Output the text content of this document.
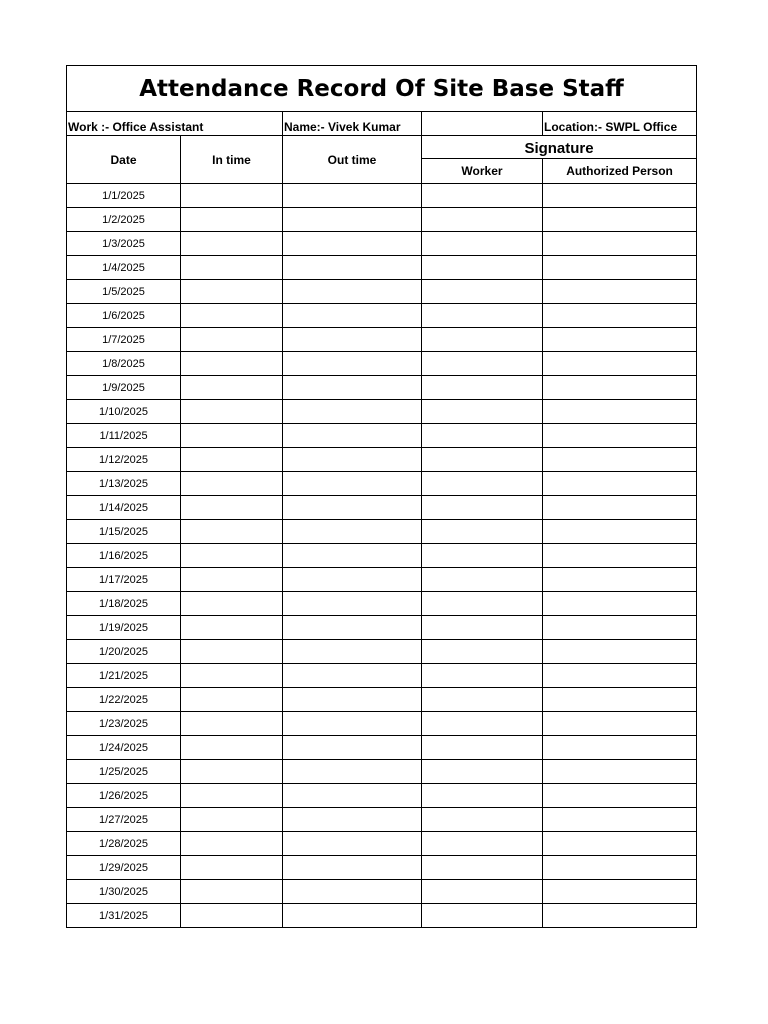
Attendance Record Of Site Base Staff				
Work :- Office Assistant		Name:- Vivek Kumar		Location:- SWPL Office
Date	In time	Out time	Signature	
			Worker	Authorized Person
1/1/2025				
1/2/2025				
1/3/2025				
1/4/2025				
1/5/2025				
1/6/2025				
1/7/2025				
1/8/2025				
1/9/2025				
1/10/2025				
1/11/2025				
1/12/2025				
1/13/2025				
1/14/2025				
1/15/2025				
1/16/2025				
1/17/2025				
1/18/2025				
1/19/2025				
1/20/2025				
1/21/2025				
1/22/2025				
1/23/2025				
1/24/2025				
1/25/2025				
1/26/2025				
1/27/2025				
1/28/2025				
1/29/2025				
1/30/2025				
1/31/2025				
